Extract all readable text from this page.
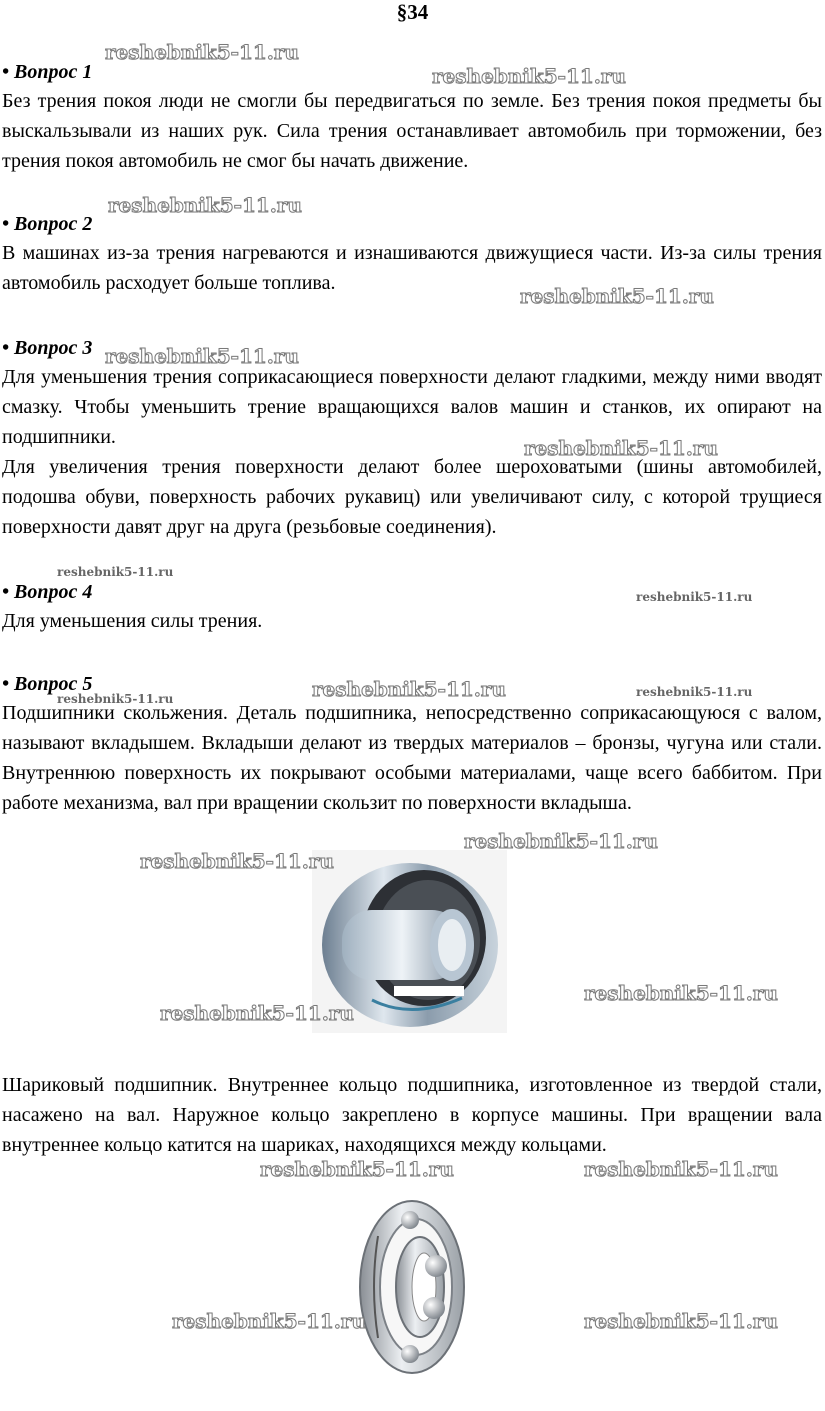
§34
• Вопрос 1

Без трения покоя люди не смогли бы передвигаться по земле. Без трения покоя предметы бы выскальзывали из наших рук. Сила трения останавливает автомобиль при торможении, без трения покоя автомобиль не смог бы начать движение.

• Вопрос 2

В машинах из-за трения нагреваются и изнашиваются движущиеся части. Из-за силы трения автомобиль расходует больше топлива.

• Вопрос 3

Для уменьшения трения соприкасающиеся поверхности делают гладкими, между ними вводят смазку. Чтобы уменьшить трение вращающихся валов машин и станков, их опирают на подшипники.

Для увеличения трения поверхности делают более шероховатыми (шины автомобилей, подошва обуви, поверхность рабочих рукавиц) или увеличивают силу, с которой трущиеся поверхности давят друг на друга (резьбовые соединения).

• Вопрос 4

Для уменьшения силы трения.

• Вопрос 5

Подшипники скольжения. Деталь подшипника, непосредственно соприкасающуюся с валом, называют вкладышем. Вкладыши делают из твердых материалов – бронзы, чугуна или стали. Внутреннюю поверхность их покрывают особыми материалами, чаще всего баббитом. При работе механизма, вал при вращении скользит по поверхности вкладыша.

Шариковый подшипник. Внутреннее кольцо подшипника, изготовленное из твердой стали, насажено на вал. Наружное кольцо закреплено в корпусе машины. При вращении вала внутреннее кольцо катится на шариках, находящихся между кольцами.

reshebnik5-11.ru
reshebnik5-11.ru
reshebnik5-11.ru
reshebnik5-11.ru
reshebnik5-11.ru
reshebnik5-11.ru
reshebnik5-11.ru
reshebnik5-11.ru
reshebnik5-11.ru
reshebnik5-11.ru	reshebnik5-11.ru
reshebnik5-11.ru
reshebnik5-11.ru
reshebnik5-11.ru
reshebnik5-11.ru
reshebnik5-11.ru	reshebnik5-11.ru
reshebnik5-11.ru	reshebnik5-11.ru
